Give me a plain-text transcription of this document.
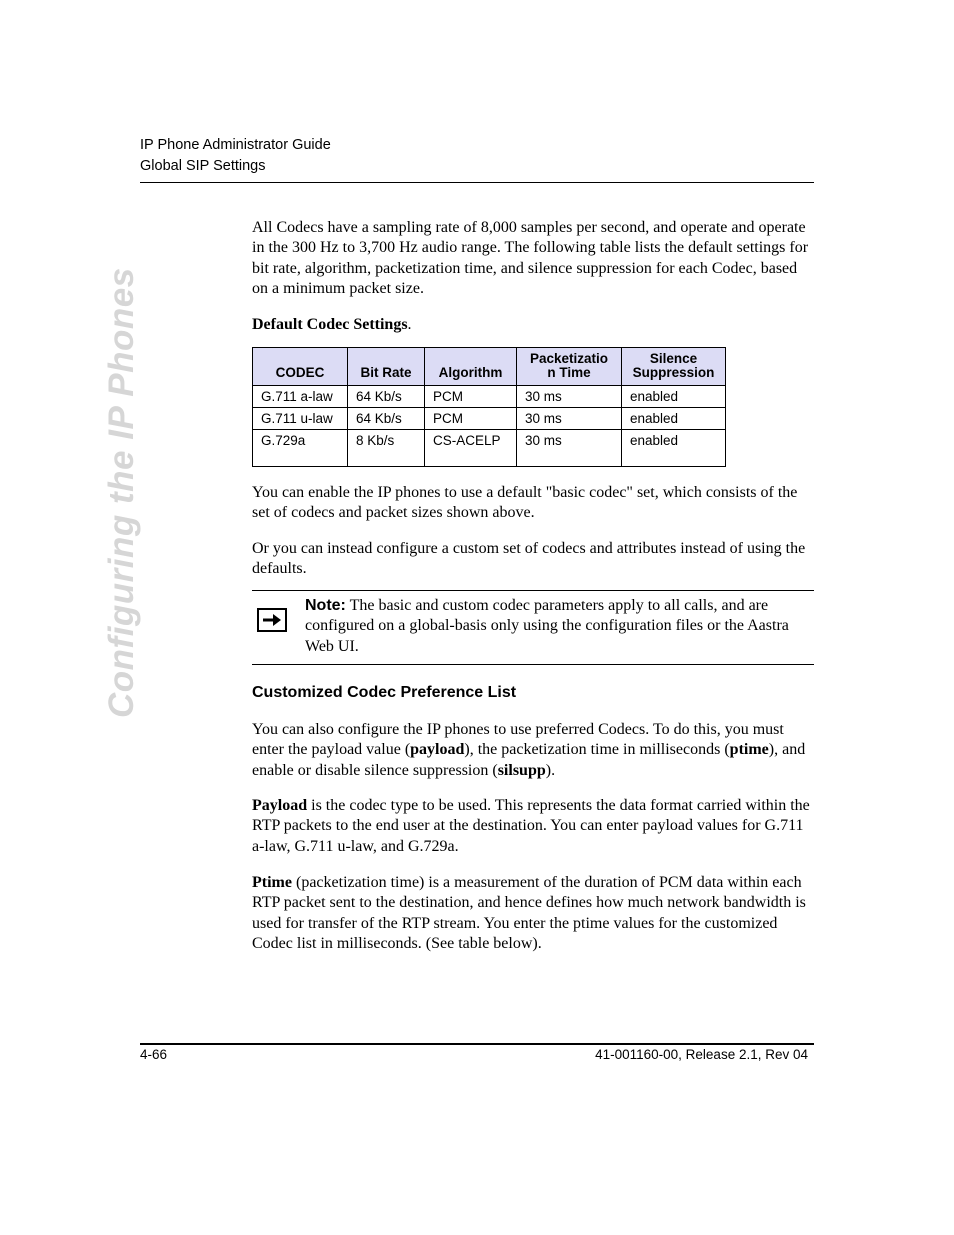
IP Phone Administrator Guide
Global SIP Settings
Configuring the IP Phones

All Codecs have a sampling rate of 8,000 samples per second, and operate and operate in the 300 Hz to 3,700 Hz audio range. The following table lists the default settings for bit rate, algorithm, packetization time, and silence suppression for each Codec, based on a minimum packet size.

Default Codec Settings.
CODEC	Bit Rate	Algorithm	Packetizatio n Time	Silence Suppression
G.711 a-law	64 Kb/s	PCM	30 ms	enabled
G.711 u-law	64 Kb/s	PCM	30 ms	enabled
G.729a	8 Kb/s	CS-ACELP	30 ms	enabled

You can enable the IP phones to use a default "basic codec" set, which consists of the set of codecs and packet sizes shown above.

Or you can instead configure a custom set of codecs and attributes instead of using the defaults.

Note: The basic and custom codec parameters apply to all calls, and are configured on a global-basis only using the configuration files or the Aastra Web UI.
Customized Codec Preference List

You can also configure the IP phones to use preferred Codecs. To do this, you must enter the payload value (payload), the packetization time in milliseconds (ptime), and enable or disable silence suppression (silsupp).

Payload is the codec type to be used. This represents the data format carried within the RTP packets to the end user at the destination. You can enter payload values for G.711 a-law, G.711 u-law, and G.729a.

Ptime (packetization time) is a measurement of the duration of PCM data within each RTP packet sent to the destination, and hence defines how much network bandwidth is used for transfer of the RTP stream. You enter the ptime values for the customized Codec list in milliseconds. (See table below).

4-66	41-001160-00, Release 2.1, Rev 04
